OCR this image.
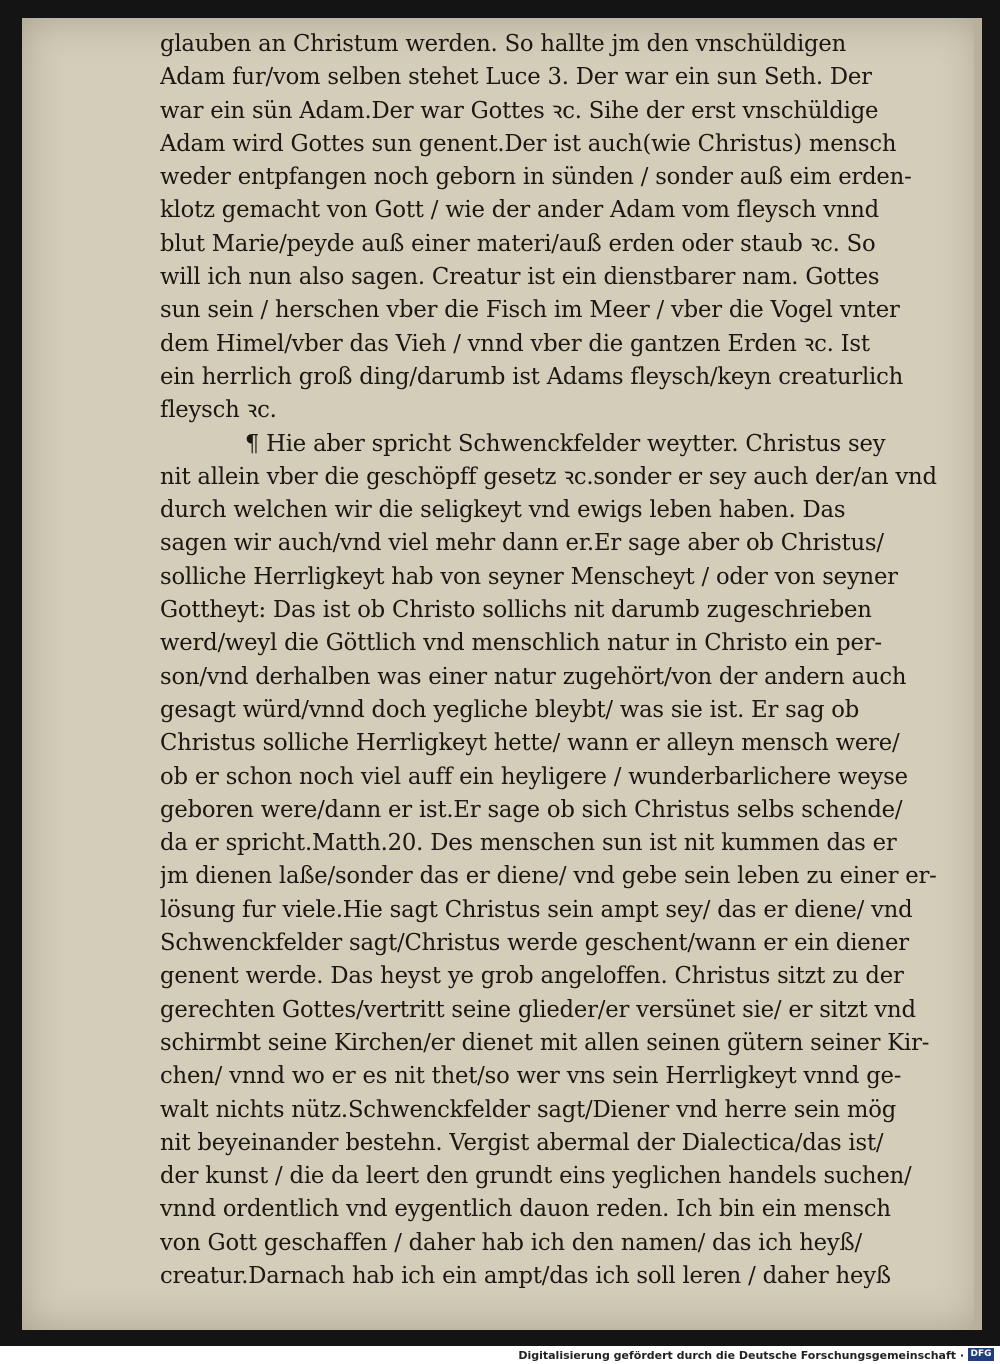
glauben an Christum werden. So hallte jm den vnschüldigen
Adam fur/vom selben stehet Luce 3. Der war ein sun Seth. Der
war ein sün Adam.Der war Gottes ꝛc. Sihe der erst vnschüldige
Adam wird Gottes sun genent.Der ist auch(wie Christus) mensch
weder entpfangen noch geborn in sünden / sonder auß eim erden-
klotz gemacht von Gott / wie der ander Adam vom fleysch vnnd
blut Marie/peyde auß einer materi/auß erden oder staub ꝛc. So
will ich nun also sagen. Creatur ist ein dienstbarer nam. Gottes
sun sein / herschen vber die Fisch im Meer / vber die Vogel vnter
dem Himel/vber das Vieh / vnnd vber die gantzen Erden ꝛc. Ist
ein herrlich groß ding/darumb ist Adams fleysch/keyn creaturlich
fleysch ꝛc.
¶ Hie aber spricht Schwenckfelder weytter. Christus sey
nit allein vber die geschöpff gesetz ꝛc.sonder er sey auch der/an vnd
durch welchen wir die seligkeyt vnd ewigs leben haben. Das
sagen wir auch/vnd viel mehr dann er.Er sage aber ob Christus/
solliche Herrligkeyt hab von seyner Menscheyt / oder von seyner
Gottheyt: Das ist ob Christo sollichs nit darumb zugeschrieben
werd/weyl die Göttlich vnd menschlich natur in Christo ein per-
son/vnd derhalben was einer natur zugehört/von der andern auch
gesagt würd/vnnd doch yegliche bleybt/ was sie ist. Er sag ob
Christus solliche Herrligkeyt hette/ wann er alleyn mensch were/
ob er schon noch viel auff ein heyligere / wunderbarlichere weyse
geboren were/dann er ist.Er sage ob sich Christus selbs schende/
da er spricht.Matth.20. Des menschen sun ist nit kummen das er
jm dienen laße/sonder das er diene/ vnd gebe sein leben zu einer er-
lösung fur viele.Hie sagt Christus sein ampt sey/ das er diene/ vnd
Schwenckfelder sagt/Christus werde geschent/wann er ein diener
genent werde. Das heyst ye grob angeloffen. Christus sitzt zu der
gerechten Gottes/vertritt seine glieder/er versünet sie/ er sitzt vnd
schirmbt seine Kirchen/er dienet mit allen seinen gütern seiner Kir-
chen/ vnnd wo er es nit thet/so wer vns sein Herrligkeyt vnnd ge-
walt nichts nütz.Schwenckfelder sagt/Diener vnd herre sein mög
nit beyeinander bestehn. Vergist abermal der Dialectica/das ist/
der kunst / die da leert den grundt eins yeglichen handels suchen/
vnnd ordentlich vnd eygentlich dauon reden. Ich bin ein mensch
von Gott geschaffen / daher hab ich den namen/ das ich heyß/
creatur.Darnach hab ich ein ampt/das ich soll leren / daher heyß
Digitalisierung gefördert durch die Deutsche Forschungsgemeinschaft · DFG
